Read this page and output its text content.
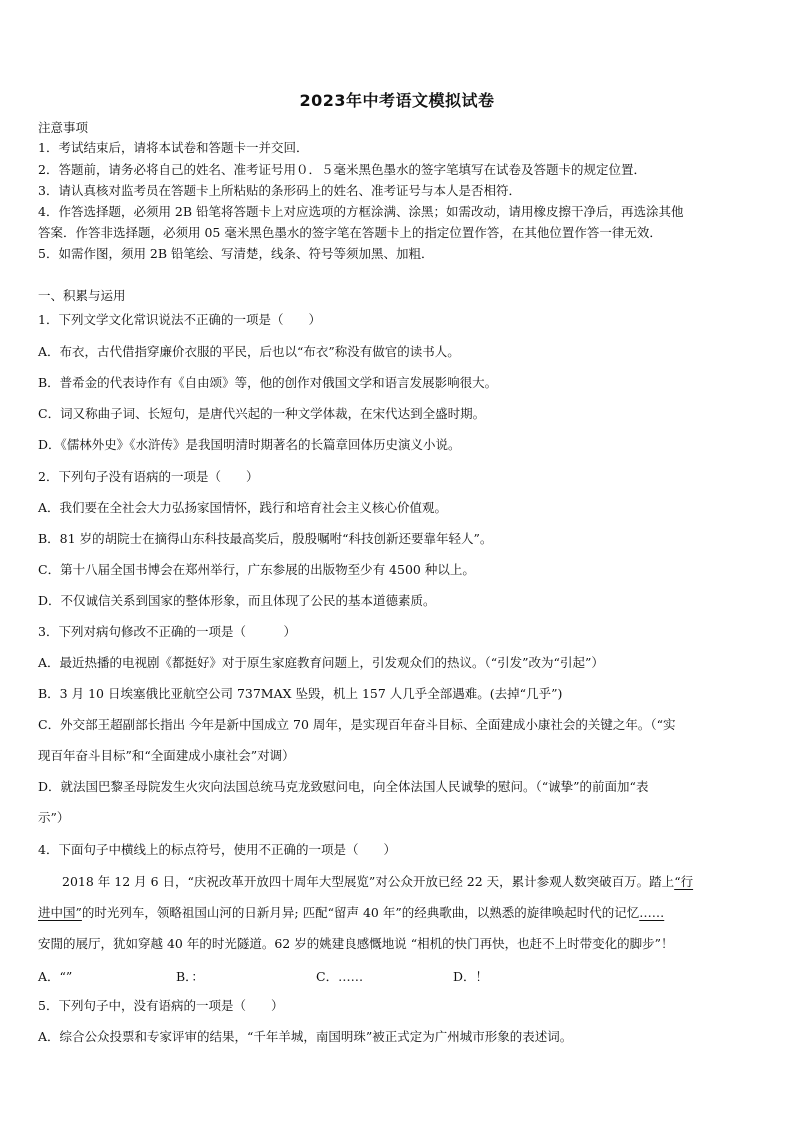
2023年中考语文模拟试卷
注意事项
1．考试结束后，请将本试卷和答题卡一并交回．
2．答题前，请务必将自己的姓名、准考证号用０．５毫米黑色墨水的签字笔填写在试卷及答题卡的规定位置．
3．请认真核对监考员在答题卡上所粘贴的条形码上的姓名、准考证号与本人是否相符．
4．作答选择题，必须用 2B 铅笔将答题卡上对应选项的方框涂满、涂黑；如需改动，请用橡皮擦干净后，再选涂其他
答案．作答非选择题，必须用 05 毫米黑色墨水的签字笔在答题卡上的指定位置作答，在其他位置作答一律无效．
5．如需作图，须用 2B 铅笔绘、写清楚，线条、符号等须加黑、加粗．
一、积累与运用
1．下列文学文化常识说法不正确的一项是（　　）
A．布衣，古代借指穿廉价衣服的平民，后也以“布衣”称没有做官的读书人。
B．普希金的代表诗作有《自由颂》等，他的创作对俄国文学和语言发展影响很大。
C．词又称曲子词、长短句，是唐代兴起的一种文学体裁，在宋代达到全盛时期。
D．《儒林外史》《水浒传》是我国明清时期著名的长篇章回体历史演义小说。
2．下列句子没有语病的一项是（　　）
A．我们要在全社会大力弘扬家国情怀，践行和培育社会主义核心价值观。
B．81 岁的胡院士在摘得山东科技最高奖后，殷殷嘱咐“科技创新还要靠年轻人”。
C．第十八届全国书博会在郑州举行，广东参展的出版物至少有 4500 种以上。
D．不仅诚信关系到国家的整体形象，而且体现了公民的基本道德素质。
3．下列对病句修改不正确的一项是（　　　）
A．最近热播的电视剧《都挺好》对于原生家庭教育问题上，引发观众们的热议。（“引发”改为“引起”）
B．3 月 10 日埃塞俄比亚航空公司 737MAX 坠毁，机上 157 人几乎全部遇难。(去掉“几乎”)
C．外交部王超副部长指出 今年是新中国成立 70 周年，是实现百年奋斗目标、全面建成小康社会的关键之年。（“实
现百年奋斗目标”和“全面建成小康社会”对调）
D．就法国巴黎圣母院发生火灾向法国总统马克龙致慰问电，向全体法国人民诚挚的慰问。（“诚挚”的前面加“表
示”）
4．下面句子中横线上的标点符号，使用不正确的一项是（　　）
2018 年 12 月 6 日，“庆祝改革开放四十周年大型展览”对公众开放已经 22 天，累计参观人数突破百万。踏上“行
进中国”的时光列车，领略祖国山河的日新月异; 匹配“留声 40 年”的经典歌曲，以熟悉的旋律唤起时代的记忆……
安閒的展厅，犹如穿越 40 年的时光隧道。62 岁的姚建良感慨地说 “相机的快门再快，也赶不上时带变化的脚步”！
A．“”	B．：	C．……	D．！
5．下列句子中，没有语病的一项是（　　）
A．综合公众投票和专家评审的结果，“千年羊城，南国明珠”被正式定为广州城市形象的表述词。
